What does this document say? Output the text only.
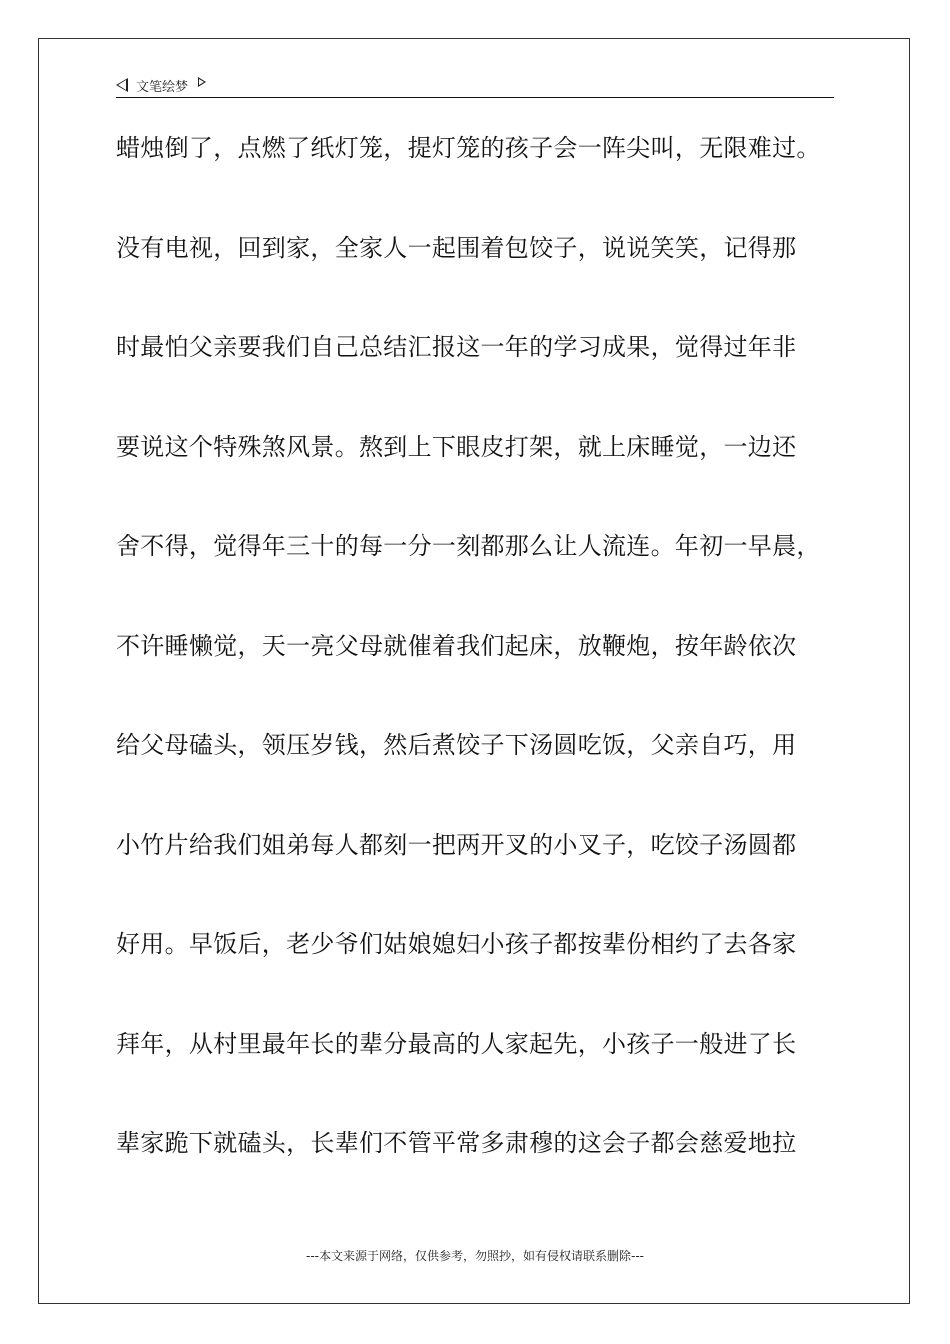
文笔绘梦
蜡烛倒了，点燃了纸灯笼，提灯笼的孩子会一阵尖叫，无限难过。
没有电视，回到家，全家人一起围着包饺子，说说笑笑，记得那
时最怕父亲要我们自己总结汇报这一年的学习成果，觉得过年非
要说这个特殊煞风景。熬到上下眼皮打架，就上床睡觉，一边还
舍不得，觉得年三十的每一分一刻都那么让人流连。年初一早晨，
不许睡懒觉，天一亮父母就催着我们起床，放鞭炮，按年龄依次
给父母磕头，领压岁钱，然后煮饺子下汤圆吃饭，父亲自巧，用
小竹片给我们姐弟每人都刻一把两开叉的小叉子，吃饺子汤圆都
好用。早饭后，老少爷们姑娘媳妇小孩子都按辈份相约了去各家
拜年，从村里最年长的辈分最高的人家起先，小孩子一般进了长
辈家跪下就磕头，长辈们不管平常多肃穆的这会子都会慈爱地拉
---本文来源于网络，仅供参考，勿照抄，如有侵权请联系删除---
